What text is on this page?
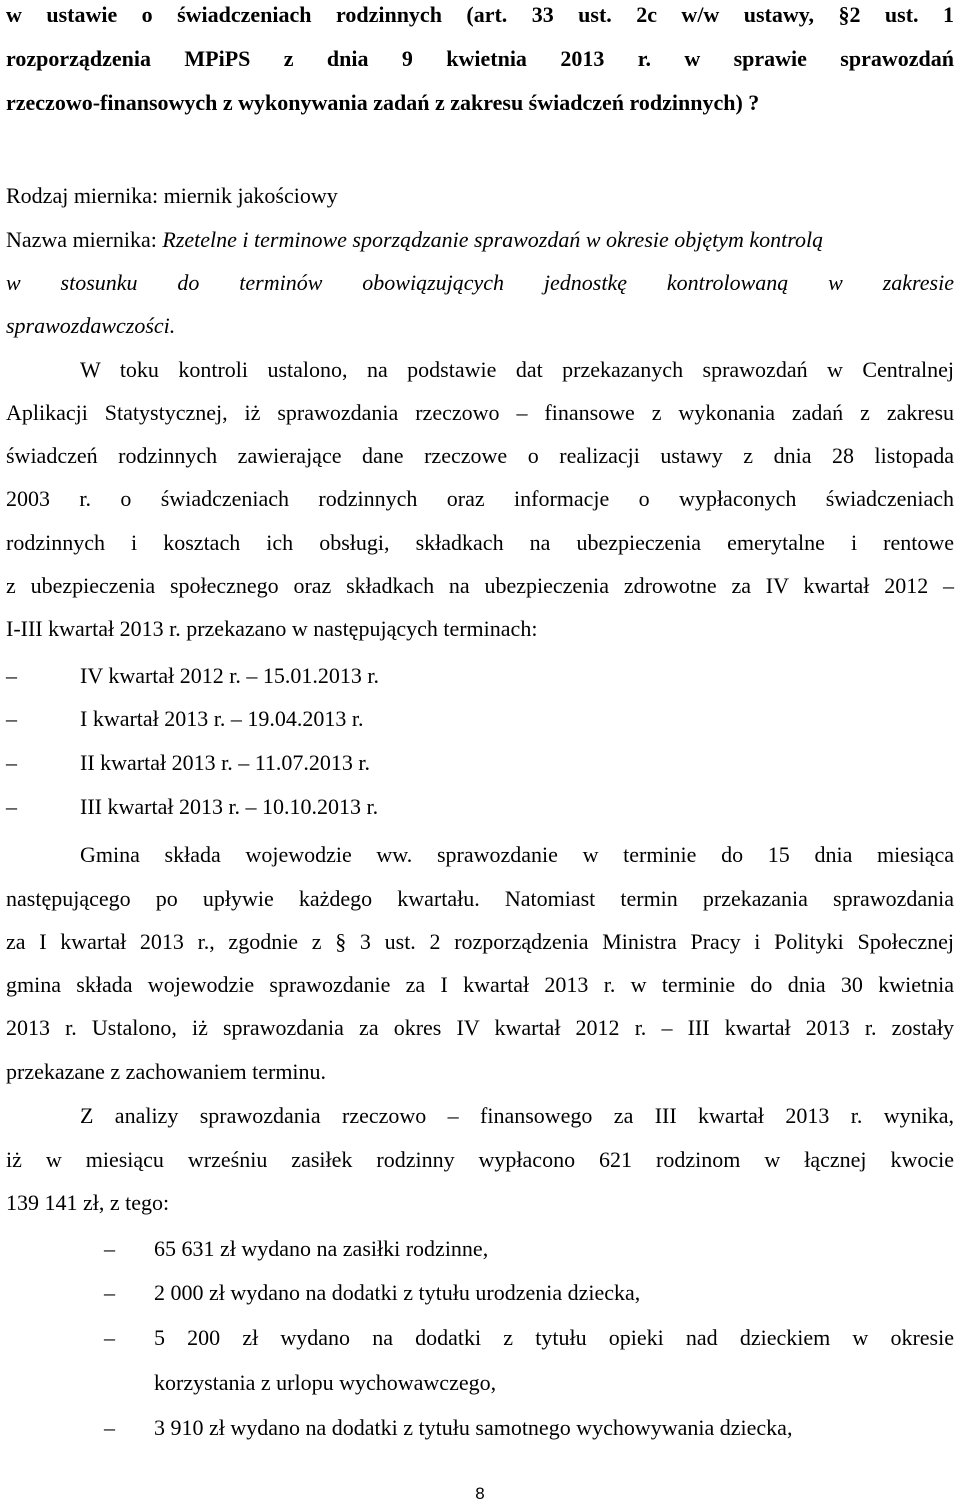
w ustawie o świadczeniach rodzinnych (art. 33 ust. 2c w/w ustawy, §2 ust. 1
rozporządzenia MPiPS z dnia 9 kwietnia 2013 r. w sprawie sprawozdań
rzeczowo-finansowych z wykonywania zadań z zakresu świadczeń rodzinnych) ?
Rodzaj miernika: miernik jakościowy
Nazwa miernika: Rzetelne i terminowe sporządzanie sprawozdań w okresie objętym kontrolą
w stosunku do terminów obowiązujących jednostkę kontrolowaną w zakresie
sprawozdawczości.
W toku kontroli ustalono, na podstawie dat przekazanych sprawozdań w Centralnej
Aplikacji Statystycznej, iż sprawozdania rzeczowo – finansowe z wykonania zadań z zakresu
świadczeń rodzinnych zawierające dane rzeczowe o realizacji ustawy z dnia 28 listopada
2003 r. o świadczeniach rodzinnych oraz informacje o wypłaconych świadczeniach
rodzinnych i kosztach ich obsługi, składkach na ubezpieczenia emerytalne i rentowe
z ubezpieczenia społecznego oraz składkach na ubezpieczenia zdrowotne za IV kwartał 2012 –
I-III kwartał 2013 r. przekazano w następujących terminach:
–	IV kwartał 2012 r. – 15.01.2013 r.
–	I kwartał 2013 r. – 19.04.2013 r.
–	II kwartał 2013 r. – 11.07.2013 r.
–	III kwartał 2013 r. – 10.10.2013 r.
Gmina składa wojewodzie ww. sprawozdanie w terminie do 15 dnia miesiąca
następującego po upływie każdego kwartału. Natomiast termin przekazania sprawozdania
za I kwartał 2013 r., zgodnie z § 3 ust. 2 rozporządzenia Ministra Pracy i Polityki Społecznej
gmina składa wojewodzie sprawozdanie za I kwartał 2013 r. w terminie do dnia 30 kwietnia
2013 r. Ustalono, iż sprawozdania za okres IV kwartał 2012 r. – III kwartał 2013 r. zostały
przekazane z zachowaniem terminu.
Z analizy sprawozdania rzeczowo – finansowego za III kwartał 2013 r. wynika,
iż w miesiącu wrześniu zasiłek rodzinny wypłacono 621 rodzinom w łącznej kwocie
139 141 zł, z tego:
– 65 631 zł wydano na zasiłki rodzinne,
– 2 000 zł wydano na dodatki z tytułu urodzenia dziecka,
– 5 200 zł wydano na dodatki z tytułu opieki nad dzieckiem w okresie
korzystania z urlopu wychowawczego,
– 3 910 zł wydano na dodatki z tytułu samotnego wychowywania dziecka,
8
